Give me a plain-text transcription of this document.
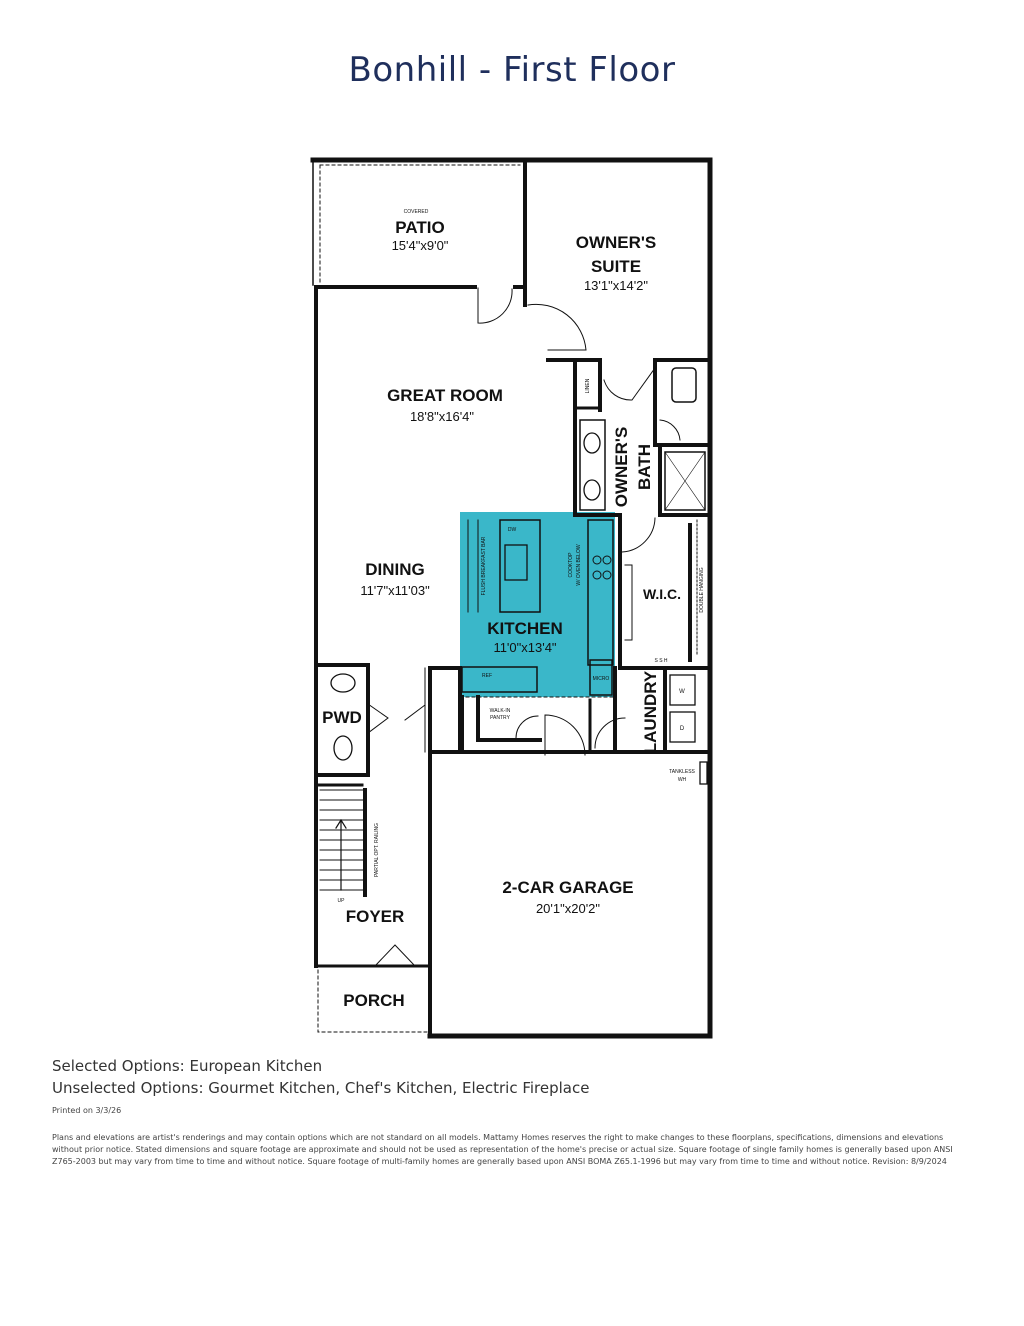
Bonhill - First Floor
COVERED
PATIO
15'4"x9'0"	OWNER'S
SUITE
13'1"x14'2"
GREAT ROOM
18'8"x16'4"
DINING
11'7"x11'03"
KITCHEN
11'0"x13'4"
W.I.C.
PWD
FOYER
PORCH
2-CAR GARAGE
20'1"x20'2"
OWNER'S BATH
LAUNDRY
WALK-IN
PANTRY
FLUSH BREAKFAST BAR
DW
COOKTOP W/ OVEN BELOW
REF	MICRO
LINEN
DOUBLE HANGING
S S H
W
D
TANKLESS
WH
PARTIAL OPT. RAILING
UP
Selected Options: European Kitchen
Unselected Options: Gourmet Kitchen, Chef's Kitchen, Electric Fireplace
Printed on 3/3/26
Plans and elevations are artist's renderings and may contain options which are not standard on all models. Mattamy Homes reserves the right to make changes to these floorplans, specifications, dimensions and elevations without prior notice. Stated dimensions and square footage are approximate and should not be used as representation of the home's precise or actual size. Square footage of single family homes is generally based upon ANSI Z765-2003 but may vary from time to time and without notice. Square footage of multi-family homes are generally based upon ANSI BOMA Z65.1-1996 but may vary from time to time and without notice. Revision: 8/9/2024
